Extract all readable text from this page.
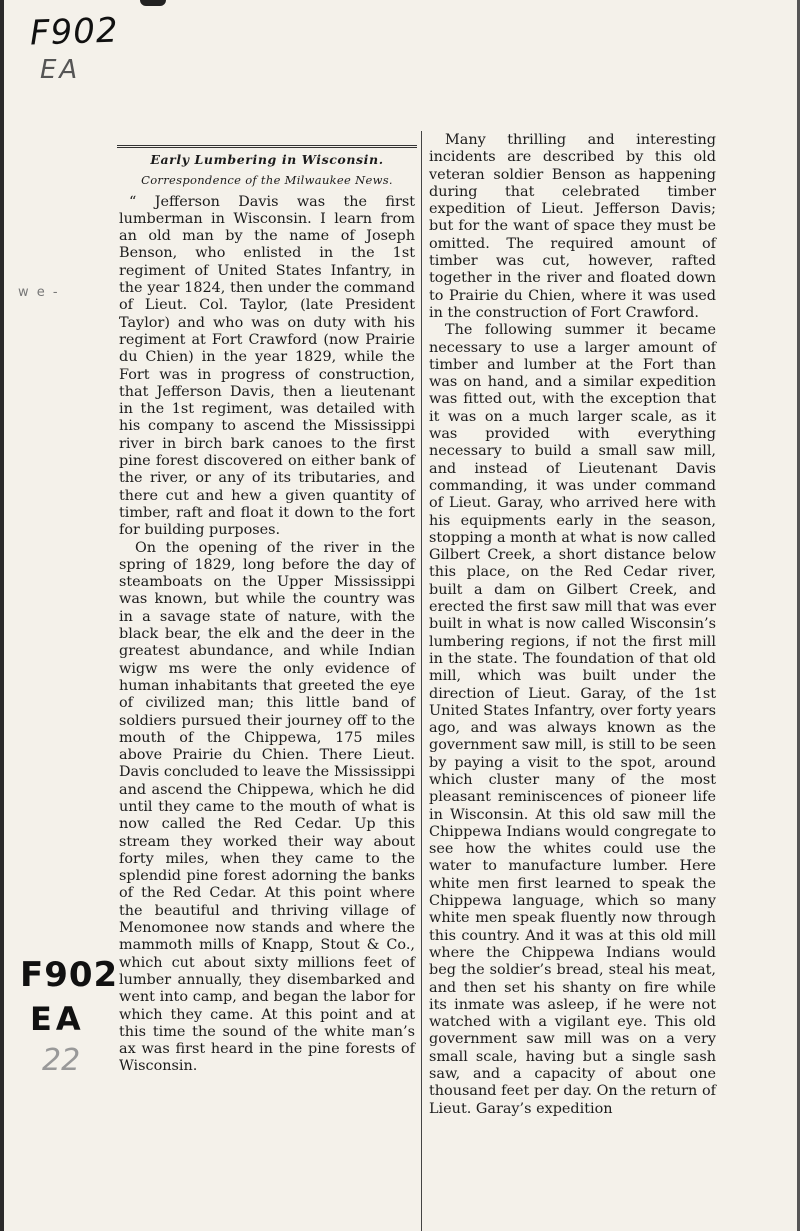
F902
EA
w e -
F902
EA
22
Early Lumbering in Wisconsin.
Correspondence of the Milwaukee News.

“ Jefferson Davis was the first lumberman in Wisconsin. I learn from an old man by the name of Joseph Benson, who enlisted in the 1st regiment of United States Infantry, in the year 1824, then under the command of Lieut. Col. Taylor, (late President Taylor) and who was on duty with his regiment at Fort Crawford (now Prairie du Chien) in the year 1829, while the Fort was in progress of construction, that Jefferson Davis, then a lieutenant in the 1st regiment, was detailed with his company to ascend the Mississippi river in birch bark canoes to the first pine forest discovered on either bank of the river, or any of its tributaries, and there cut and hew a given quantity of timber, raft and float it down to the fort for building purposes.

On the opening of the river in the spring of 1829, long before the day of steamboats on the Upper Mississippi was known, but while the country was in a savage state of nature, with the black bear, the elk and the deer in the greatest abundance, and while Indian wigw ms were the only evidence of human inhabitants that greeted the eye of civilized man; this little band of soldiers pursued their journey off to the mouth of the Chippewa, 175 miles above Prairie du Chien. There Lieut. Davis concluded to leave the Mississippi and ascend the Chippewa, which he did until they came to the mouth of what is now called the Red Cedar. Up this stream they worked their way about forty miles, when they came to the splendid pine forest adorning the banks of the Red Cedar. At this point where the beautiful and thriving village of Menomonee now stands and where the mammoth mills of Knapp, Stout & Co., which cut about sixty millions feet of lumber annually, they disembarked and went into camp, and began the labor for which they came. At this point and at this time the sound of the white man’s ax was first heard in the pine forests of Wisconsin.

Many thrilling and interesting incidents are described by this old veteran soldier Benson as happening during that celebrated timber expedition of Lieut. Jefferson Davis; but for the want of space they must be omitted. The required amount of timber was cut, however, rafted together in the river and floated down to Prairie du Chien, where it was used in the construction of Fort Crawford.

The following summer it became necessary to use a larger amount of timber and lumber at the Fort than was on hand, and a similar expedition was fitted out, with the exception that it was on a much larger scale, as it was provided with everything necessary to build a small saw mill, and instead of Lieutenant Davis commanding, it was under command of Lieut. Garay, who arrived here with his equipments early in the season, stopping a month at what is now called Gilbert Creek, a short distance below this place, on the Red Cedar river, built a dam on Gilbert Creek, and erected the first saw mill that was ever built in what is now called Wisconsin’s lumbering regions, if not the first mill in the state. The foundation of that old mill, which was built under the direction of Lieut. Garay, of the 1st United States Infantry, over forty years ago, and was always known as the government saw mill, is still to be seen by paying a visit to the spot, around which cluster many of the most pleasant reminiscences of pioneer life in Wisconsin. At this old saw mill the Chippewa Indians would congregate to see how the whites could use the water to manufacture lumber. Here white men first learned to speak the Chippewa language, which so many white men speak fluently now through this country. And it was at this old mill where the Chippewa Indians would beg the soldier’s bread, steal his meat, and then set his shanty on fire while its inmate was asleep, if he were not watched with a vigilant eye. This old government saw mill was on a very small scale, having but a single sash saw, and a capacity of about one thousand feet per day. On the return of Lieut. Garay’s expedition
